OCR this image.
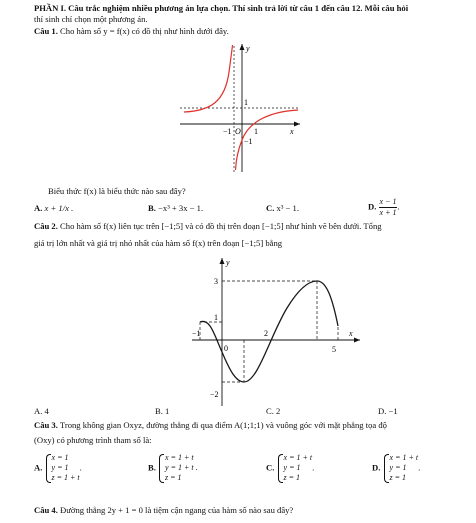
PHẦN I. Câu trắc nghiệm nhiều phương án lựa chọn. Thí sinh trả lời từ câu 1 đến câu 12. Mỗi câu hỏi
thí sinh chỉ chọn một phương án.
Câu 1. Cho hàm số y = f(x) có đồ thị như hình dưới đây.
y
x
1
−1 O 1
−1
Biểu thức f(x) là biểu thức nào sau đây?
A. x + 1/x .	B. −x³ + 3x − 1.	C. x³ − 1.	D. $\frac{x - 1}{x + 1}$ .
Câu 2. Cho hàm số f(x) liên tục trên [−1;5] và có đồ thị trên đoạn [−1;5] như hình vẽ bên dưới. Tổng
giá trị lớn nhất và giá trị nhỏ nhất của hàm số f(x) trên đoạn [−1;5] bằng
y
x
3
1
−2
−1
0
2
5
A. 4	B. 1	C. 2	D. −1
Câu 3. Trong không gian Oxyz, đường thẳng đi qua điểm A(1;1;1) và vuông góc với mặt phẳng tọa độ
(Oxy) có phương trình tham số là:
A.
x = 1
y = 1
z = 1 + t
.	B.
x = 1 + t
y = 1 + t .
z = 1
C.
x = 1 + t
y = 1
z = 1
.	D.
x = 1 + t
y = 1
z = 1
.
Câu 4. Đường thẳng 2y + 1 = 0 là tiệm cận ngang của hàm số nào sau đây?
